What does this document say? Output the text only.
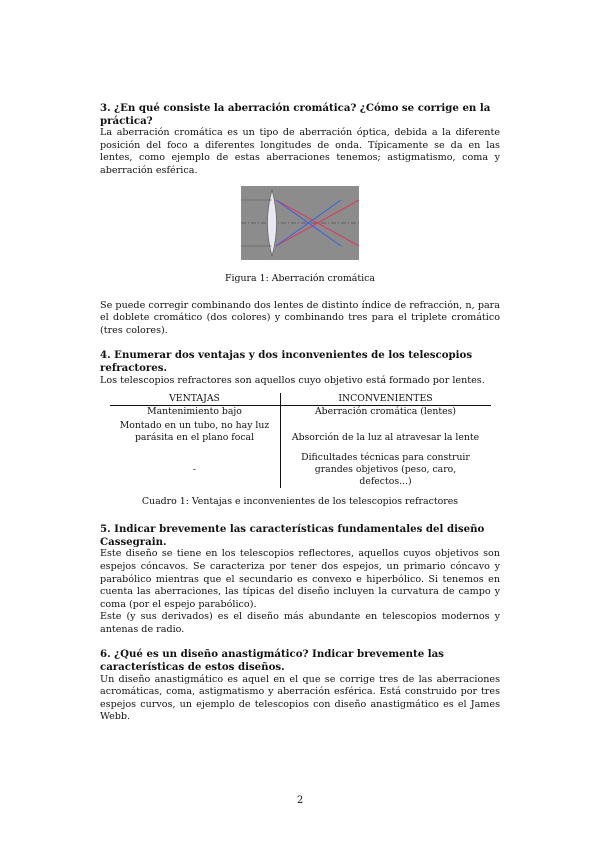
3. ¿En qué consiste la aberración cromática? ¿Cómo se corrige en la práctica?

La aberración cromática es un tipo de aberración óptica, debida a la diferente posición del foco a diferentes longitudes de onda. Típicamente se da en las lentes, como ejemplo de estas aberraciones tenemos; astigmatismo, coma y aberración esférica.

Figura 1: Aberración cromática

Se puede corregir combinando dos lentes de distinto índice de refracción, n, para el doblete cromático (dos colores) y combinando tres para el triplete cromático (tres colores).

4. Enumerar dos ventajas y dos inconvenientes de los telescopios refractores.

Los telescopios refractores son aquellos cuyo objetivo está formado por lentes.

VENTAJAS	INCONVENIENTES
Mantenimiento bajo	Aberración cromática (lentes)
Montado en un tubo, no hay luz parásita en el plano focal	Absorción de la luz al atravesar la lente
-	Dificultades técnicas para construir grandes objetivos (peso, caro, defectos...)
Cuadro 1: Ventajas e inconvenientes de los telescopios refractores
5. Indicar brevemente las características fundamentales del diseño Cassegrain.

Este diseño se tiene en los telescopios reflectores, aquellos cuyos objetivos son espejos cóncavos. Se caracteriza por tener dos espejos, un primario cóncavo y parabólico mientras que el secundario es convexo e hiperbólico. Si tenemos en cuenta las aberraciones, las típicas del diseño incluyen la curvatura de campo y coma (por el espejo parabólico).

Este (y sus derivados) es el diseño más abundante en telescopios modernos y antenas de radio.

6. ¿Qué es un diseño anastigmático? Indicar brevemente las características de estos diseños.

Un diseño anastigmático es aquel en el que se corrige tres de las aberraciones acromáticas, coma, astigmatismo y aberración esférica. Está construido por tres espejos curvos, un ejemplo de telescopios con diseño anastigmático es el James Webb.

2
